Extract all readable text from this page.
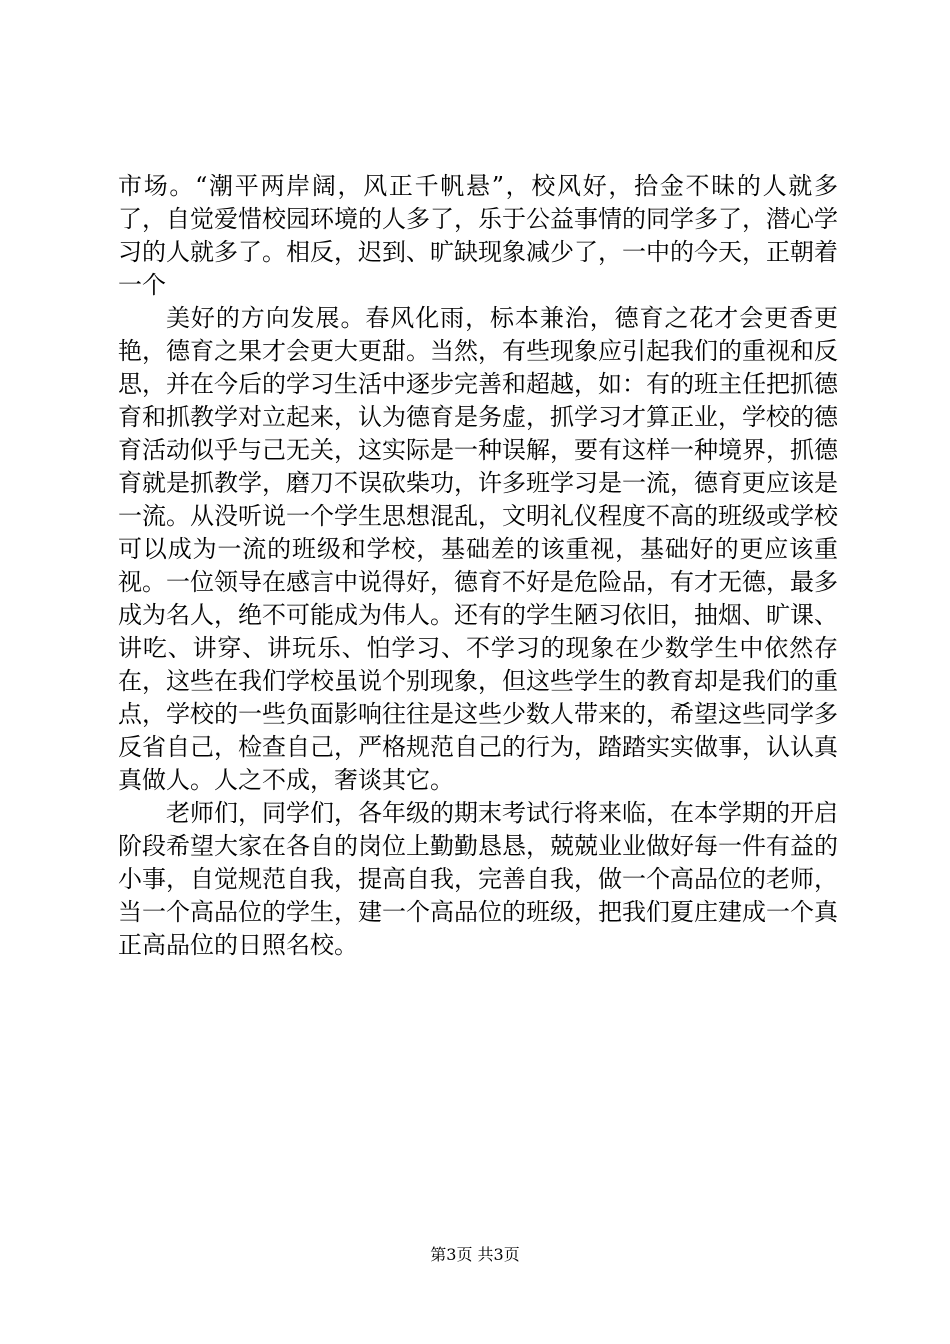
市场。“潮平两岸阔，风正千帆悬”，校风好，拾金不昧的人就多了，自觉爱惜校园环境的人多了，乐于公益事情的同学多了，潜心学习的人就多了。相反，迟到、旷缺现象减少了，一中的今天，正朝着一个

美好的方向发展。春风化雨，标本兼治，德育之花才会更香更艳，德育之果才会更大更甜。当然，有些现象应引起我们的重视和反思，并在今后的学习生活中逐步完善和超越，如：有的班主任把抓德育和抓教学对立起来，认为德育是务虚，抓学习才算正业，学校的德育活动似乎与己无关，这实际是一种误解，要有这样一种境界，抓德育就是抓教学，磨刀不误砍柴功，许多班学习是一流，德育更应该是一流。从没听说一个学生思想混乱，文明礼仪程度不高的班级或学校可以成为一流的班级和学校，基础差的该重视，基础好的更应该重视。一位领导在感言中说得好，德育不好是危险品，有才无德，最多成为名人，绝不可能成为伟人。还有的学生陋习依旧，抽烟、旷课、讲吃、讲穿、讲玩乐、怕学习、不学习的现象在少数学生中依然存在，这些在我们学校虽说个别现象，但这些学生的教育却是我们的重点，学校的一些负面影响往往是这些少数人带来的，希望这些同学多反省自己，检查自己，严格规范自己的行为，踏踏实实做事，认认真真做人。人之不成，奢谈其它。

老师们，同学们，各年级的期末考试行将来临，在本学期的开启阶段希望大家在各自的岗位上勤勤恳恳，兢兢业业做好每一件有益的小事，自觉规范自我，提高自我，完善自我，做一个高品位的老师，当一个高品位的学生，建一个高品位的班级，把我们夏庄建成一个真正高品位的日照名校。

第3页 共3页
